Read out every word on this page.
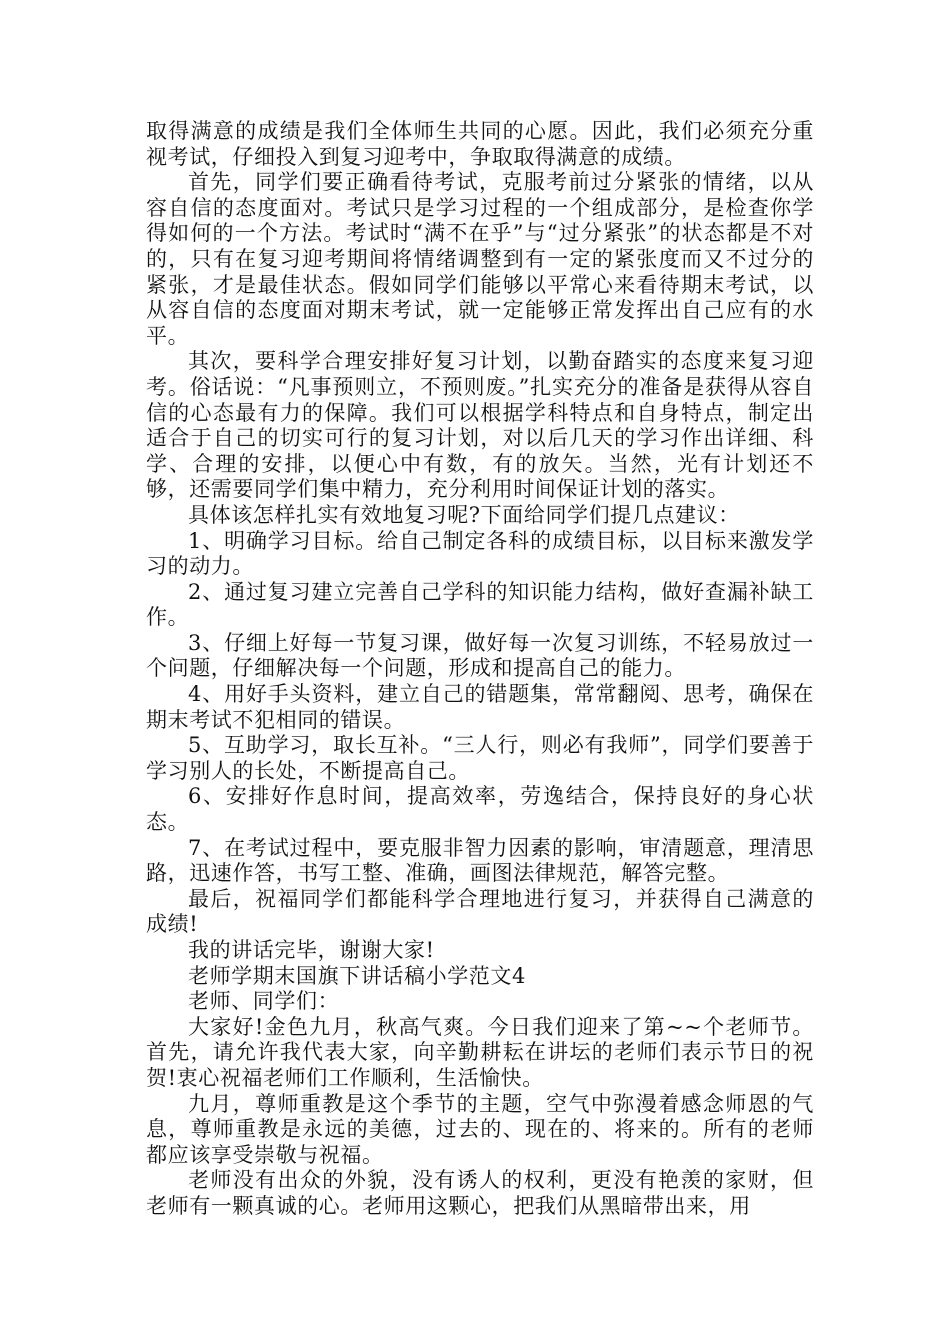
取得满意的成绩是我们全体师生共同的心愿。因此，我们必须充分重视考试，仔细投入到复习迎考中，争取取得满意的成绩。

首先，同学们要正确看待考试，克服考前过分紧张的情绪，以从容自信的态度面对。考试只是学习过程的一个组成部分，是检查你学得如何的一个方法。考试时“满不在乎”与“过分紧张”的状态都是不对的，只有在复习迎考期间将情绪调整到有一定的紧张度而又不过分的紧张，才是最佳状态。假如同学们能够以平常心来看待期末考试，以从容自信的态度面对期末考试，就一定能够正常发挥出自己应有的水平。

其次，要科学合理安排好复习计划，以勤奋踏实的态度来复习迎考。俗话说：“凡事预则立，不预则废。”扎实充分的准备是获得从容自信的心态最有力的保障。我们可以根据学科特点和自身特点，制定出适合于自己的切实可行的复习计划，对以后几天的学习作出详细、科学、合理的安排，以便心中有数，有的放矢。当然，光有计划还不够，还需要同学们集中精力，充分利用时间保证计划的落实。

具体该怎样扎实有效地复习呢?下面给同学们提几点建议：

1、明确学习目标。给自己制定各科的成绩目标，以目标来激发学习的动力。

2、通过复习建立完善自己学科的知识能力结构，做好查漏补缺工作。

3、仔细上好每一节复习课，做好每一次复习训练，不轻易放过一个问题，仔细解决每一个问题，形成和提高自己的能力。

4、用好手头资料，建立自己的错题集，常常翻阅、思考，确保在期末考试不犯相同的错误。

5、互助学习，取长互补。“三人行，则必有我师”，同学们要善于学习别人的长处，不断提高自己。

6、安排好作息时间，提高效率，劳逸结合，保持良好的身心状态。

7、在考试过程中，要克服非智力因素的影响，审清题意，理清思路，迅速作答，书写工整、准确，画图法律规范，解答完整。

最后，祝福同学们都能科学合理地进行复习，并获得自己满意的成绩!

我的讲话完毕，谢谢大家!

老师学期末国旗下讲话稿小学范文4

老师、同学们：

大家好!金色九月，秋高气爽。今日我们迎来了第~~个老师节。首先，请允许我代表大家，向辛勤耕耘在讲坛的老师们表示节日的祝贺!衷心祝福老师们工作顺利，生活愉快。

九月，尊师重教是这个季节的主题，空气中弥漫着感念师恩的气息，尊师重教是永远的美德，过去的、现在的、将来的。所有的老师都应该享受崇敬与祝福。

老师没有出众的外貌，没有诱人的权利，更没有艳羡的家财，但老师有一颗真诚的心。老师用这颗心，把我们从黑暗带出来，用
